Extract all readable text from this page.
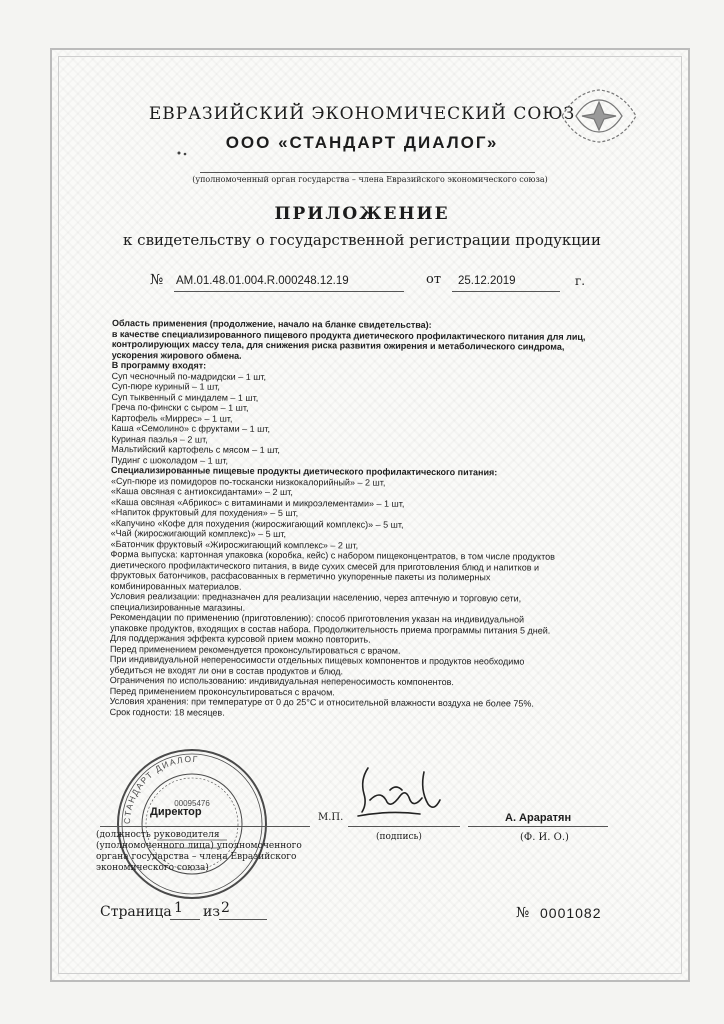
ЕВРАЗИЙСКИЙ ЭКОНОМИЧЕСКИЙ СОЮЗ
ООО «СТАНДАРТ ДИАЛОГ»
(уполномоченный орган государства – члена Евразийского экономического союза)
ПРИЛОЖЕНИЕ
к свидетельству о государственной регистрации продукции
№ AM.01.48.01.004.R.000248.12.19	от 25.12.2019	г.
Область применения (продолжение, начало на бланке свидетельства):
в качестве специализированного пищевого продукта диетического профилактического питания для лиц,
контролирующих массу тела, для снижения риска развития ожирения и метаболического синдрома,
ускорения жирового обмена.
В программу входят:
Суп чесночный по-мадридски – 1 шт,
Суп-пюре куриный – 1 шт,
Суп тыквенный с миндалем – 1 шт,
Греча по-фински с сыром – 1 шт,
Картофель «Миррес» – 1 шт,
Каша «Семолино» с фруктами – 1 шт,
Куриная паэлья – 2 шт,
Мальтийский картофель с мясом – 1 шт,
Пудинг с шоколадом – 1 шт,
Специализированные пищевые продукты диетического профилактического питания:
«Суп-пюре из помидоров по-тоскански низкокалорийный» – 2 шт,
«Каша овсяная с антиоксидантами» – 2 шт,
«Каша овсяная «Абрикос» с витаминами и микроэлементами» – 1 шт,
«Напиток фруктовый для похудения» – 5 шт,
«Капучино «Кофе для похудения (жиросжигающий комплекс)» – 5 шт,
«Чай (жиросжигающий комплекс)» – 5 шт,
«Батончик фруктовый «Жиросжигающий комплекс» – 2 шт,
Форма выпуска: картонная упаковка (коробка, кейс) с набором пищеконцентратов, в том числе продуктов
диетического профилактического питания, в виде сухих смесей для приготовления блюд и напитков и
фруктовых батончиков, расфасованных в герметично укупоренные пакеты из полимерных
комбинированных материалов.
Условия реализации: предназначен для реализации населению, через аптечную и торговую сети,
специализированные магазины.
Рекомендации по применению (приготовлению): способ приготовления указан на индивидуальной
упаковке продуктов, входящих в состав набора. Продолжительность приема программы питания 5 дней.
Для поддержания эффекта курсовой прием можно повторить.
Перед применением рекомендуется проконсультироваться с врачом.
При индивидуальной непереносимости отдельных пищевых компонентов и продуктов необходимо
убедиться не входят ли они в состав продуктов и блюд.
Ограничения по использованию: индивидуальная непереносимость компонентов.
Перед применением проконсультироваться с врачом.
Условия хранения: при температуре от 0 до 25°С и относительной влажности воздуха не более 75%.
Срок годности: 18 месяцев.
СТАНДАРТ ДИАЛОГ
00095476
Директор
(должность руководителя
(уполномоченного лица) уполномоченного
органа государства – члена Евразийского
экономического союза)
М.П.
(подпись)
А. Араратян
(Ф. И. О.)
Страница 1 из 2	№ 0001082
